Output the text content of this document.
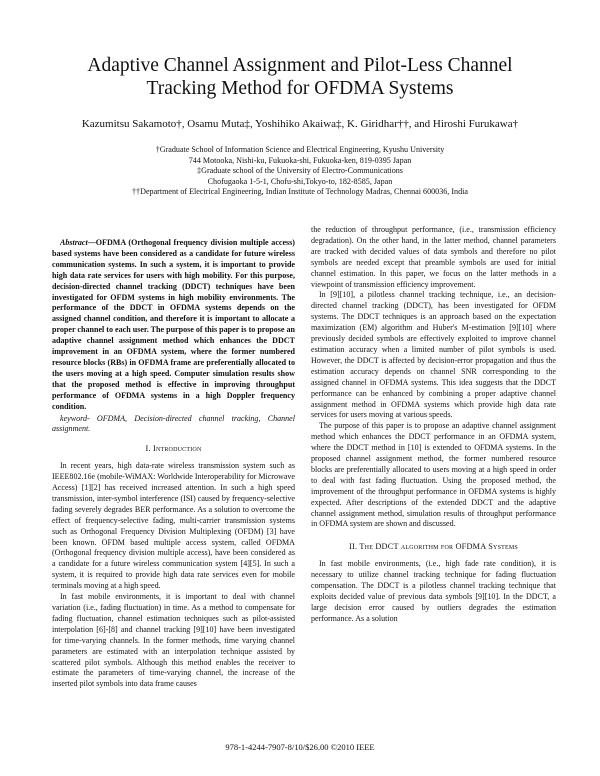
Adaptive Channel Assignment and Pilot-Less Channel
Tracking Method for OFDMA Systems
Kazumitsu Sakamoto†, Osamu Muta‡, Yoshihiko Akaiwa‡, K. Giridhar††, and Hiroshi Furukawa†
†Graduate School of Information Science and Electrical Engineering, Kyushu University
744 Motooka, Nishi-ku, Fukuoka-shi, Fukuoka-ken, 819-0395 Japan
‡Graduate school of the University of Electro-Communications
Chofugaoka 1-5-1, Chofu-shi,Tokyo-to, 182-8585, Japan
††Department of Electrical Engineering, Indian Institute of Technology Madras, Chennai 600036, India

Abstract—OFDMA (Orthogonal frequency division multiple access) based systems have been considered as a candidate for future wireless communication systems. In such a system, it is important to provide high data rate services for users with high mobility. For this purpose, decision-directed channel tracking (DDCT) techniques have been investigated for OFDM systems in high mobility environments. The performance of the DDCT in OFDMA systems depends on the assigned channel condition, and therefore it is important to allocate a proper channel to each user. The purpose of this paper is to propose an adaptive channel assignment method which enhances the DDCT improvement in an OFDMA system, where the former numbered resource blocks (RBs) in OFDMA frame are preferentially allocated to the users moving at a high speed. Computer simulation results show that the proposed method is effective in improving throughput performance of OFDMA systems in a high Doppler frequency condition.

keyword- OFDMA, Decision-directed channel tracking, Channel assignment.

I. Introduction

In recent years, high data-rate wireless transmission system such as IEEE802.16e (mobile-WiMAX: Worldwide Interoperability for Microwave Access) [1][2] has received increased attention. In such a high speed transmission, inter-symbol interference (ISI) caused by frequency-selective fading severely degrades BER performance. As a solution to overcome the effect of frequency-selective fading, multi-carrier transmission systems such as Orthogonal Frequency Division Multiplexing (OFDM) [3] have been known. OFDM based multiple access system, called OFDMA (Orthogonal frequency division multiple access), have been considered as a candidate for a future wireless communication system [4][5]. In such a system, it is required to provide high data rate services even for mobile terminals moving at a high speed.

In fast mobile environments, it is important to deal with channel variation (i.e., fading fluctuation) in time. As a method to compensate for fading fluctuation, channel estimation techniques such as pilot-assisted interpolation [6]-[8] and channel tracking [9][10] have been investigated for time-varying channels. In the former methods, time varying channel parameters are estimated with an interpolation technique assisted by scattered pilot symbols. Although this method enables the receiver to estimate the parameters of time-varying channel, the increase of the inserted pilot symbols into data frame causes

the reduction of throughput performance, (i.e., transmission efficiency degradation). On the other hand, in the latter method, channel parameters are tracked with decided values of data symbols and therefore no pilot symbols are needed except that preamble symbols are used for initial channel estimation. In this paper, we focus on the latter methods in a viewpoint of transmission efficiency improvement.

In [9][10], a pilotless channel tracking technique, i.e., an decision-directed channel tracking (DDCT), has been investigated for OFDM systems. The DDCT techniques is an approach based on the expectation maximization (EM) algorithm and Huber's M-estimation [9][10] where previously decided symbols are effectively exploited to improve channel estimation accuracy when a limited number of pilot symbols is used. However, the DDCT is affected by decision-error propagation and thus the estimation accuracy depends on channel SNR corresponding to the assigned channel in OFDMA systems. This idea suggests that the DDCT performance can be enhanced by combining a proper adaptive channel assignment method in OFDMA systems which provide high data rate services for users moving at various speeds.

The purpose of this paper is to propose an adaptive channel assignment method which enhances the DDCT performance in an OFDMA system, where the DDCT method in [10] is extended to OFDMA systems. In the proposed channel assignment method, the former numbered resource blocks are preferentially allocated to users moving at a high speed in order to deal with fast fading fluctuation. Using the proposed method, the improvement of the throughput performance in OFDMA systems is highly expected. After descriptions of the extended DDCT and the adaptive channel assignment method, simulation results of throughput performance in OFDMA system are shown and discussed.

II. The DDCT algorithm for OFDMA Systems

In fast mobile environments, (i.e., high fade rate condition), it is necessary to utilize channel tracking technique for fading fluctuation compensation. The DDCT is a pilotless channel tracking technique that exploits decided value of previous data symbols [9][10]. In the DDCT, a large decision error caused by outliers degrades the estimation performance. As a solution

978-1-4244-7907-8/10/$26.00 ©2010 IEEE
